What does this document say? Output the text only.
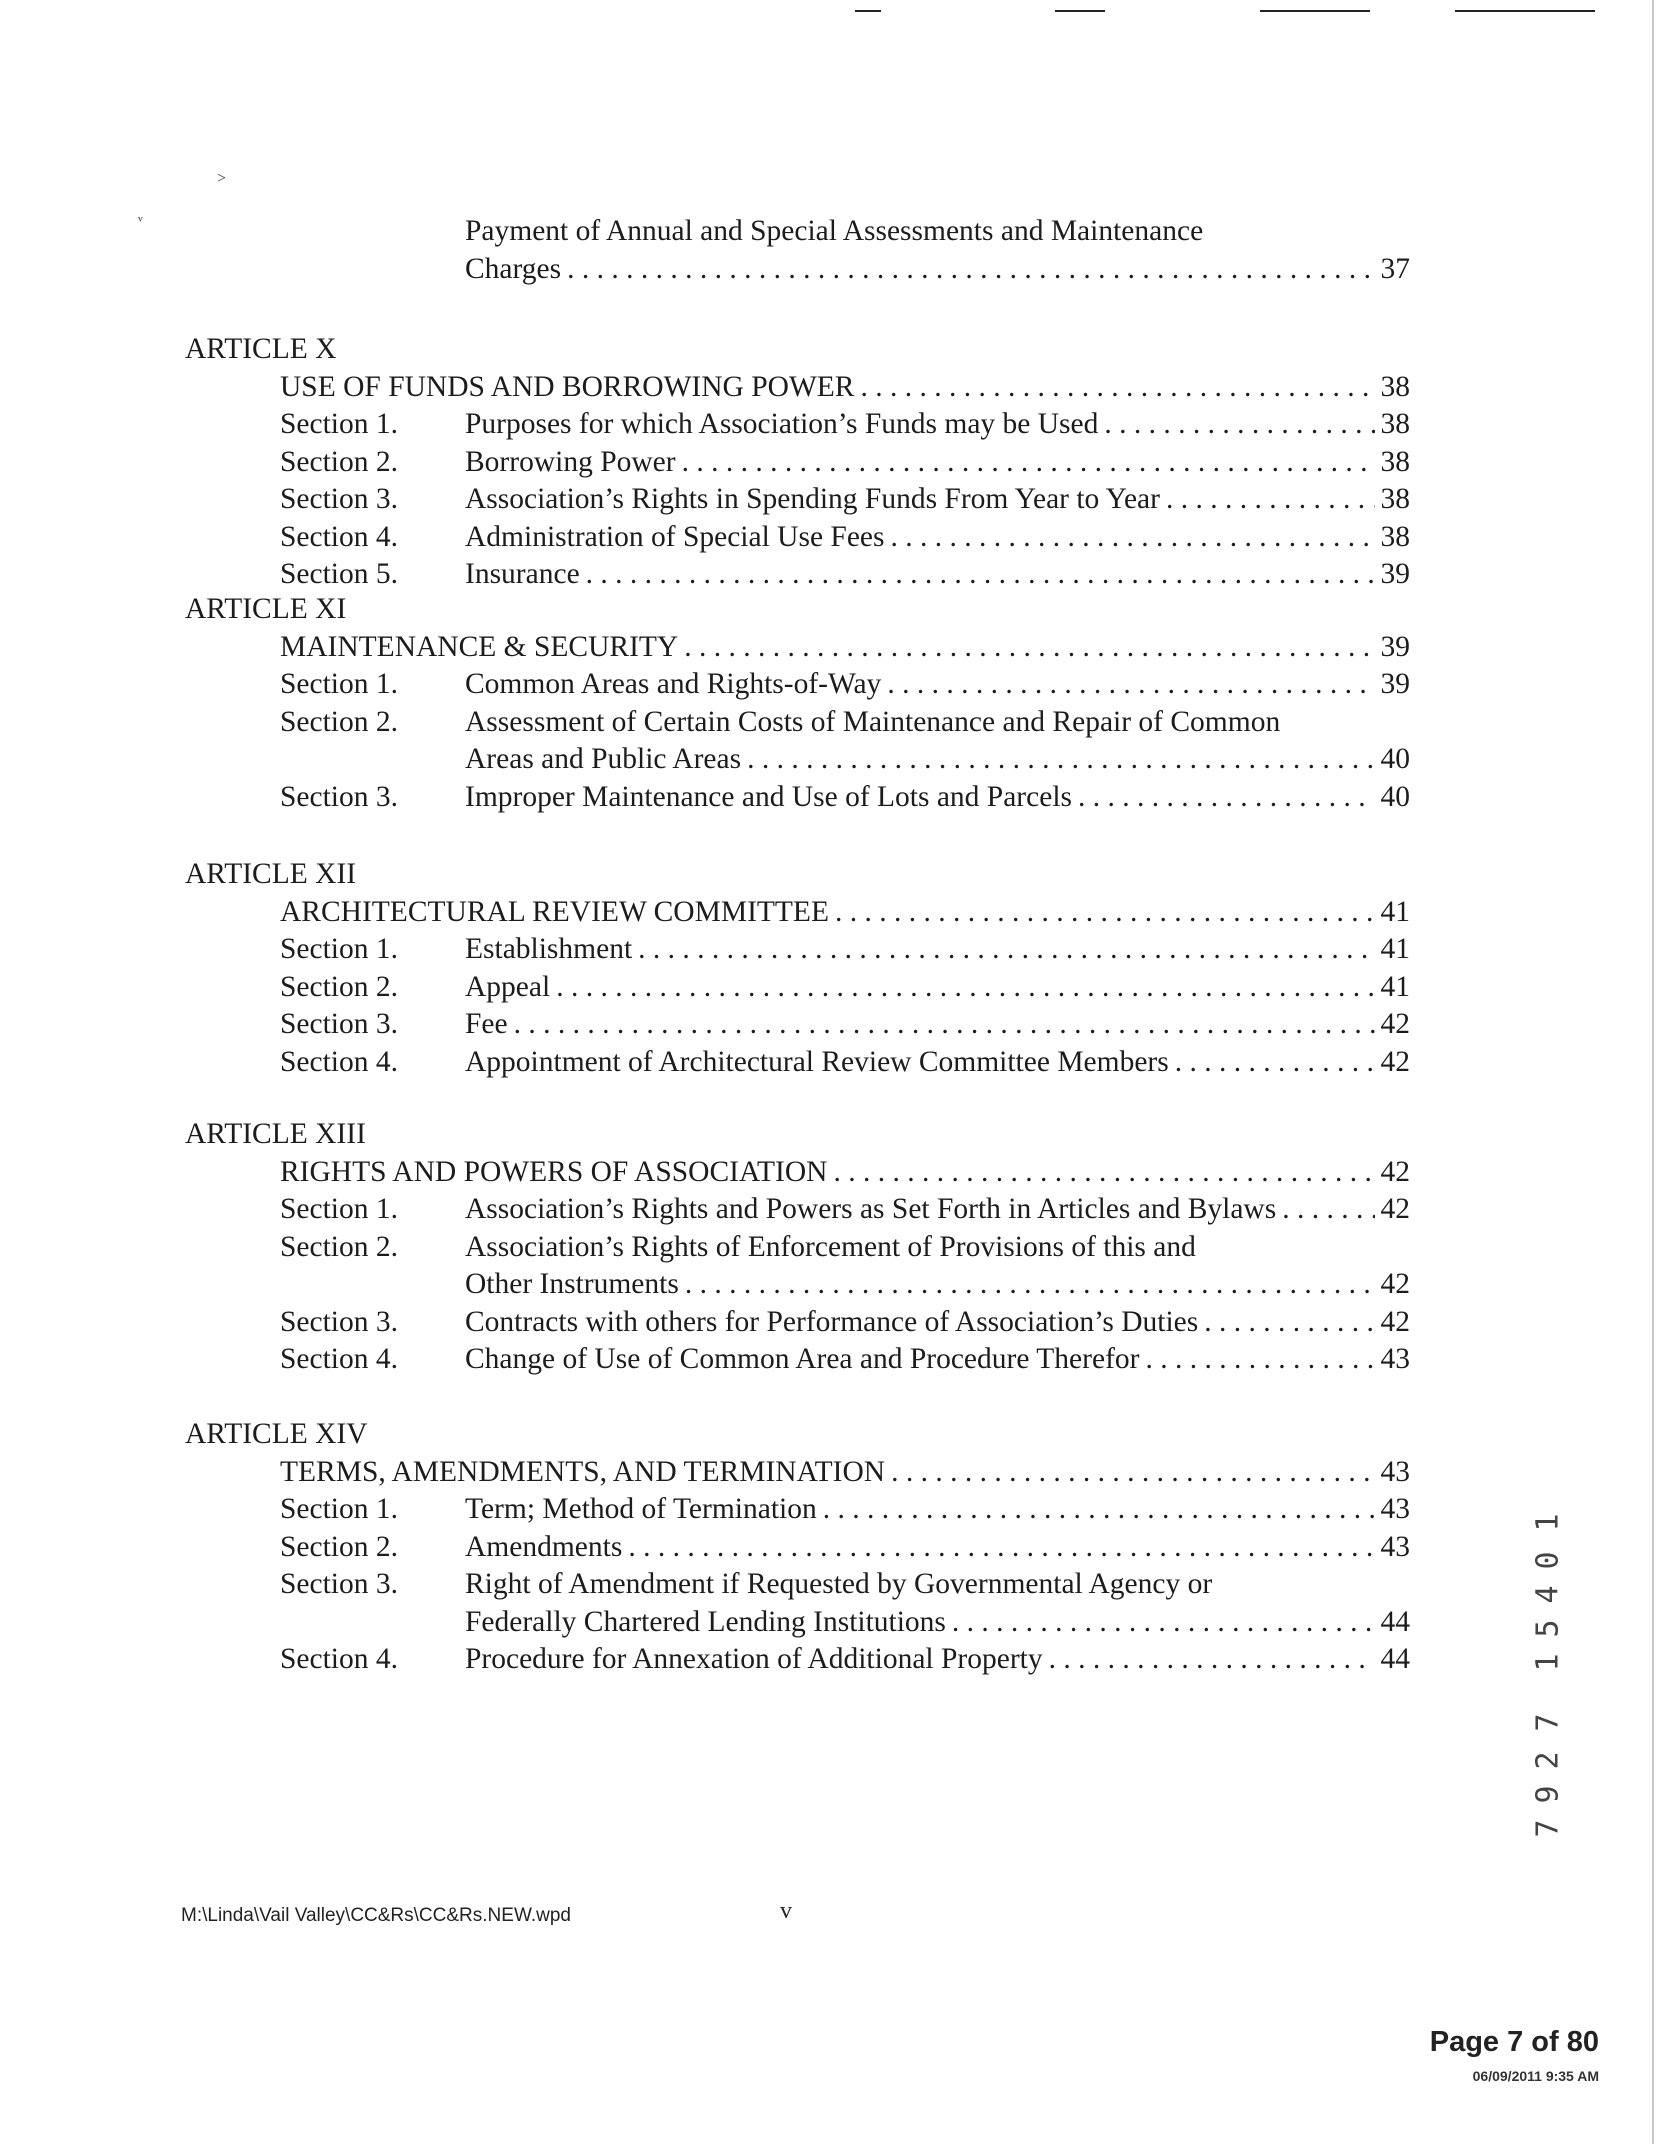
˃
ᵛ	Payment of Annual and Special Assessments and Maintenance
Charges . . .	37
ARTICLE X
USE OF FUNDS AND BORROWING POWER . . .	38
Section 1. Purposes for which Association’s Funds may be Used . . .	38
Section 2. Borrowing Power . . .	38
Section 3. Association’s Rights in Spending Funds From Year to Year . . .	38
Section 4. Administration of Special Use Fees . . .	38
Section 5. Insurance . . .	39
ARTICLE XI
MAINTENANCE & SECURITY . . .	39
Section 1. Common Areas and Rights-of-Way . . .	39
Section 2. Assessment of Certain Costs of Maintenance and Repair of Common
Areas and Public Areas . . .	40
Section 3. Improper Maintenance and Use of Lots and Parcels . . .	40
ARTICLE XII
ARCHITECTURAL REVIEW COMMITTEE . . .	41
Section 1. Establishment . . .	41
Section 2. Appeal . . .	41
Section 3. Fee . . .	42
Section 4. Appointment of Architectural Review Committee Members . . .	42
ARTICLE XIII
RIGHTS AND POWERS OF ASSOCIATION . . .	42
Section 1. Association’s Rights and Powers as Set Forth in Articles and Bylaws . . .	42
Section 2. Association’s Rights of Enforcement of Provisions of this and
Other Instruments . . .	42
Section 3. Contracts with others for Performance of Association’s Duties . . .	42
Section 4. Change of Use of Common Area and Procedure Therefor . . .	43
ARTICLE XIV
TERMS, AMENDMENTS, AND TERMINATION . . .	43
Section 1. Term; Method of Termination . . .	43
Section 2. Amendments . . .	43
Section 3. Right of Amendment if Requested by Governmental Agency or
Federally Chartered Lending Institutions . . .	44
Section 4. Procedure for Annexation of Additional Property . . .	44
M:\Linda\Vail Valley\CC&Rs\CC&Rs.NEW.wpd	v
Page 7 of 80
06/09/2011 9:35 AM
1
0
4
5
1
7
2
9
7
